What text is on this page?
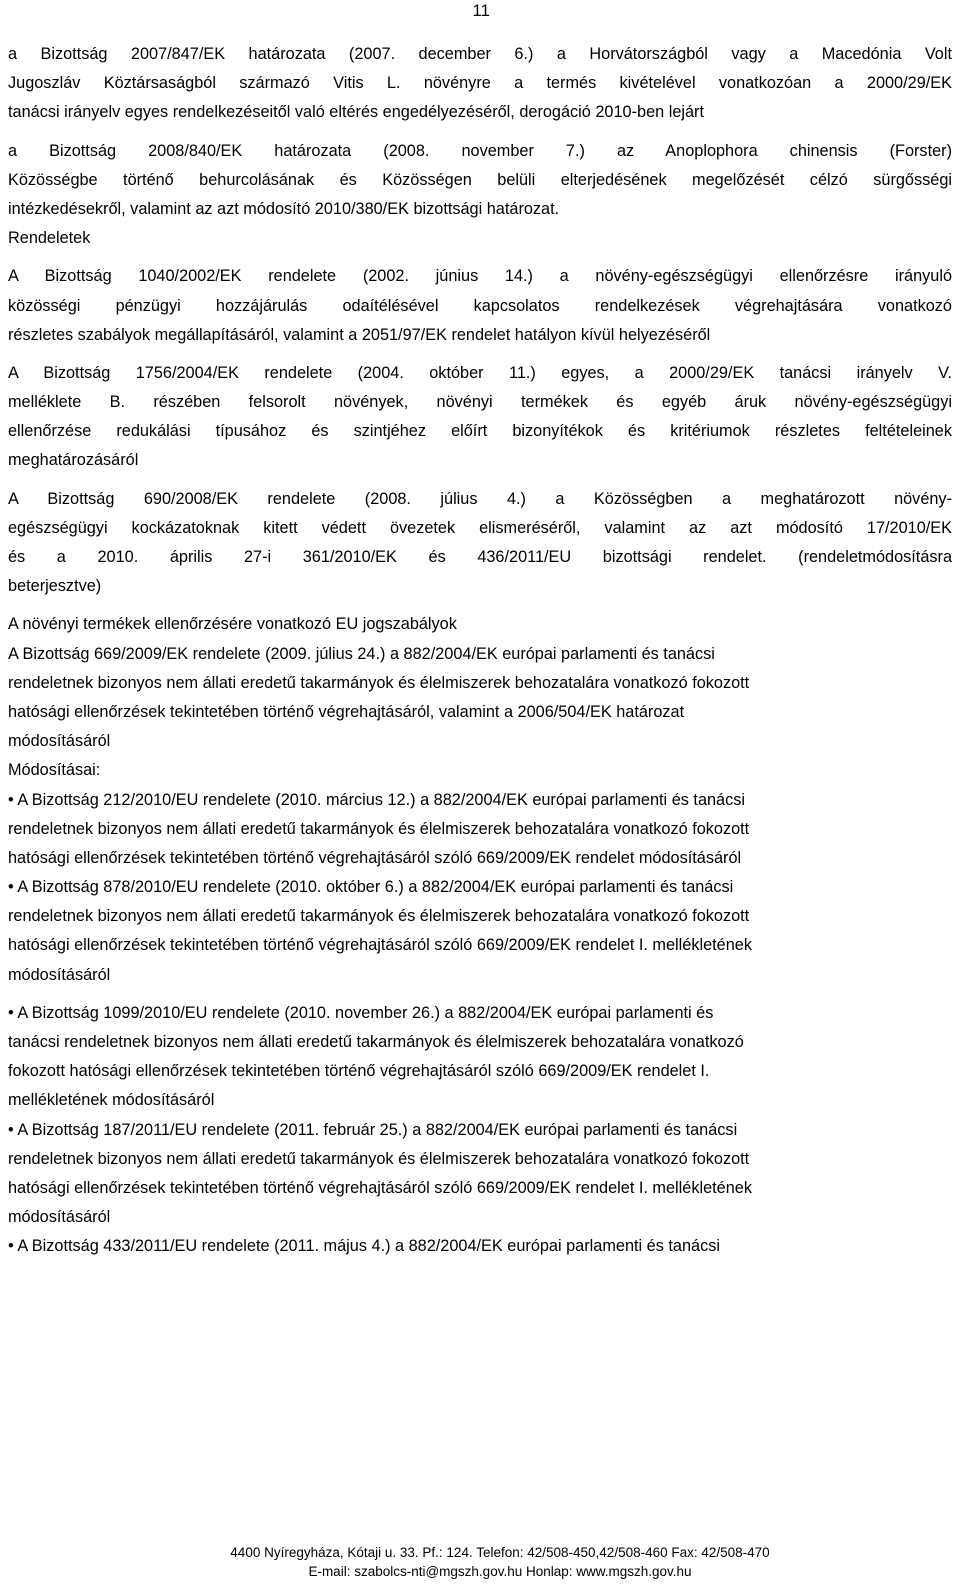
11
a Bizottság 2007/847/EK határozata (2007. december 6.) a Horvátországból vagy a Macedónia Volt
Jugoszláv Köztársaságból származó Vitis L. növényre a termés kivételével vonatkozóan a 2000/29/EK
tanácsi irányelv egyes rendelkezéseitől való eltérés engedélyezéséről, derogáció 2010-ben lejárt
a Bizottság 2008/840/EK határozata (2008. november 7.) az Anoplophora chinensis (Forster)
Közösségbe történő behurcolásának és Közösségen belüli elterjedésének megelőzését célzó sürgősségi
intézkedésekről, valamint az azt módosító 2010/380/EK bizottsági határozat.
Rendeletek
A Bizottság 1040/2002/EK rendelete (2002. június 14.) a növény-egészségügyi ellenőrzésre irányuló
közösségi pénzügyi hozzájárulás odaítélésével kapcsolatos rendelkezések végrehajtására vonatkozó
részletes szabályok megállapításáról, valamint a 2051/97/EK rendelet hatályon kívül helyezéséről
A Bizottság 1756/2004/EK rendelete (2004. október 11.) egyes, a 2000/29/EK tanácsi irányelv V.
melléklete B. részében felsorolt növények, növényi termékek és egyéb áruk növény-egészségügyi
ellenőrzése redukálási típusához és szintjéhez előírt bizonyítékok és kritériumok részletes feltételeinek
meghatározásáról
A Bizottság 690/2008/EK rendelete (2008. július 4.) a Közösségben a meghatározott növény-
egészségügyi kockázatoknak kitett védett övezetek elismeréséről, valamint az azt módosító 17/2010/EK
és a 2010. április 27-i 361/2010/EK és 436/2011/EU bizottsági rendelet. (rendeletmódosításra
beterjesztve)
A növényi termékek ellenőrzésére vonatkozó EU jogszabályok
A Bizottság 669/2009/EK rendelete (2009. július 24.) a 882/2004/EK európai parlamenti és tanácsi
rendeletnek bizonyos nem állati eredetű takarmányok és élelmiszerek behozatalára vonatkozó fokozott
hatósági ellenőrzések tekintetében történő végrehajtásáról, valamint a 2006/504/EK határozat
módosításáról
Módosításai:
• A Bizottság 212/2010/EU rendelete (2010. március 12.) a 882/2004/EK európai parlamenti és tanácsi
rendeletnek bizonyos nem állati eredetű takarmányok és élelmiszerek behozatalára vonatkozó fokozott
hatósági ellenőrzések tekintetében történő végrehajtásáról szóló 669/2009/EK rendelet módosításáról
• A Bizottság 878/2010/EU rendelete (2010. október 6.) a 882/2004/EK európai parlamenti és tanácsi
rendeletnek bizonyos nem állati eredetű takarmányok és élelmiszerek behozatalára vonatkozó fokozott
hatósági ellenőrzések tekintetében történő végrehajtásáról szóló 669/2009/EK rendelet I. mellékletének
módosításáról
• A Bizottság 1099/2010/EU rendelete (2010. november 26.) a 882/2004/EK európai parlamenti és
tanácsi rendeletnek bizonyos nem állati eredetű takarmányok és élelmiszerek behozatalára vonatkozó
fokozott hatósági ellenőrzések tekintetében történő végrehajtásáról szóló 669/2009/EK rendelet I.
mellékletének módosításáról
• A Bizottság 187/2011/EU rendelete (2011. február 25.) a 882/2004/EK európai parlamenti és tanácsi
rendeletnek bizonyos nem állati eredetű takarmányok és élelmiszerek behozatalára vonatkozó fokozott
hatósági ellenőrzések tekintetében történő végrehajtásáról szóló 669/2009/EK rendelet I. mellékletének
módosításáról
• A Bizottság 433/2011/EU rendelete (2011. május 4.) a 882/2004/EK európai parlamenti és tanácsi
4400 Nyíregyháza, Kótaji u. 33. Pf.: 124. Telefon: 42/508-450,42/508-460 Fax: 42/508-470
E-mail: szabolcs-nti@mgszh.gov.hu Honlap: www.mgszh.gov.hu
